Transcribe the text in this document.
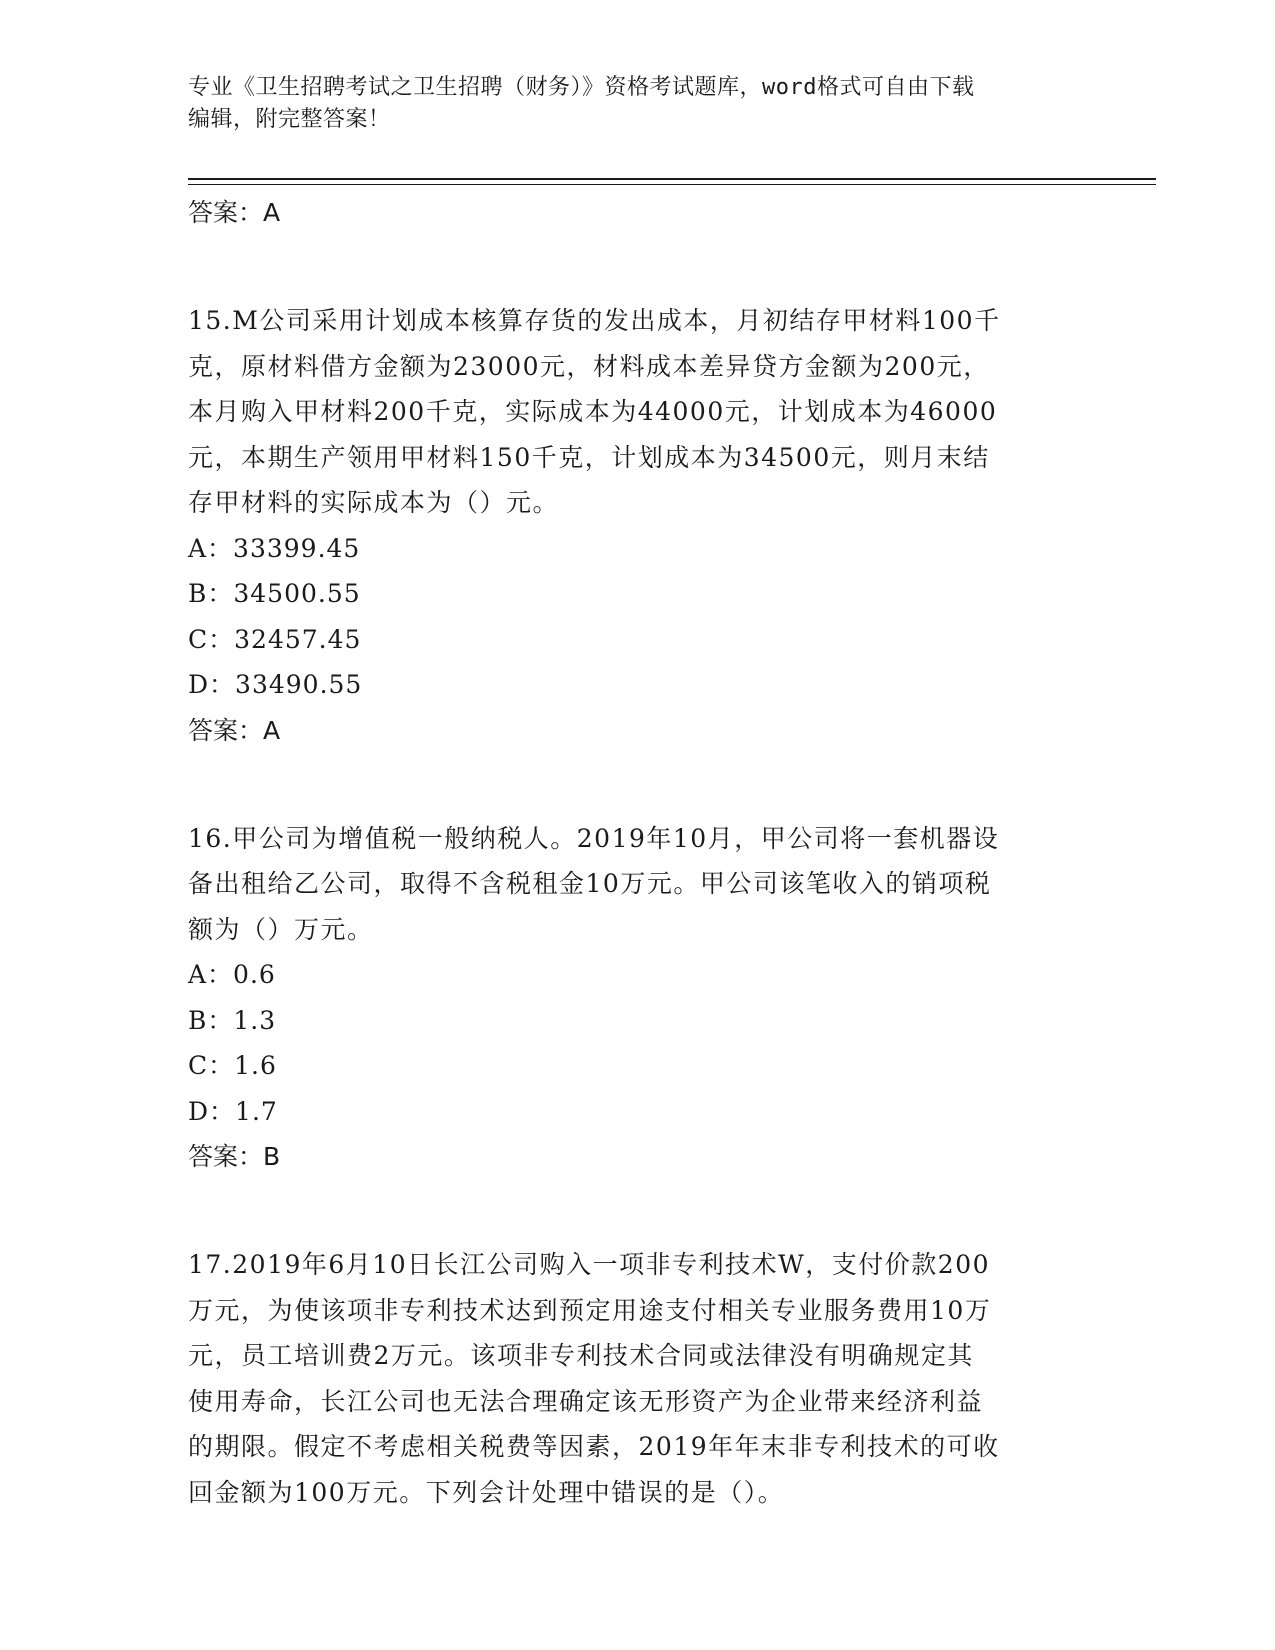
专业《卫生招聘考试之卫生招聘（财务）》资格考试题库，word格式可自由下载
编辑，附完整答案！
答案：A
15.M公司采用计划成本核算存货的发出成本，月初结存甲材料100千
克，原材料借方金额为23000元，材料成本差异贷方金额为200元，
本月购入甲材料200千克，实际成本为44000元，计划成本为46000
元，本期生产领用甲材料150千克，计划成本为34500元，则月末结
存甲材料的实际成本为（）元。
A：33399.45
B：34500.55
C：32457.45
D：33490.55
答案：A
16.甲公司为增值税一般纳税人。2019年10月，甲公司将一套机器设
备出租给乙公司，取得不含税租金10万元。甲公司该笔收入的销项税
额为（）万元。
A：0.6
B：1.3
C：1.6
D：1.7
答案：B
17.2019年6月10日长江公司购入一项非专利技术W，支付价款200
万元，为使该项非专利技术达到预定用途支付相关专业服务费用10万
元，员工培训费2万元。该项非专利技术合同或法律没有明确规定其
使用寿命，长江公司也无法合理确定该无形资产为企业带来经济利益
的期限。假定不考虑相关税费等因素，2019年年末非专利技术的可收
回金额为100万元。下列会计处理中错误的是（）。
